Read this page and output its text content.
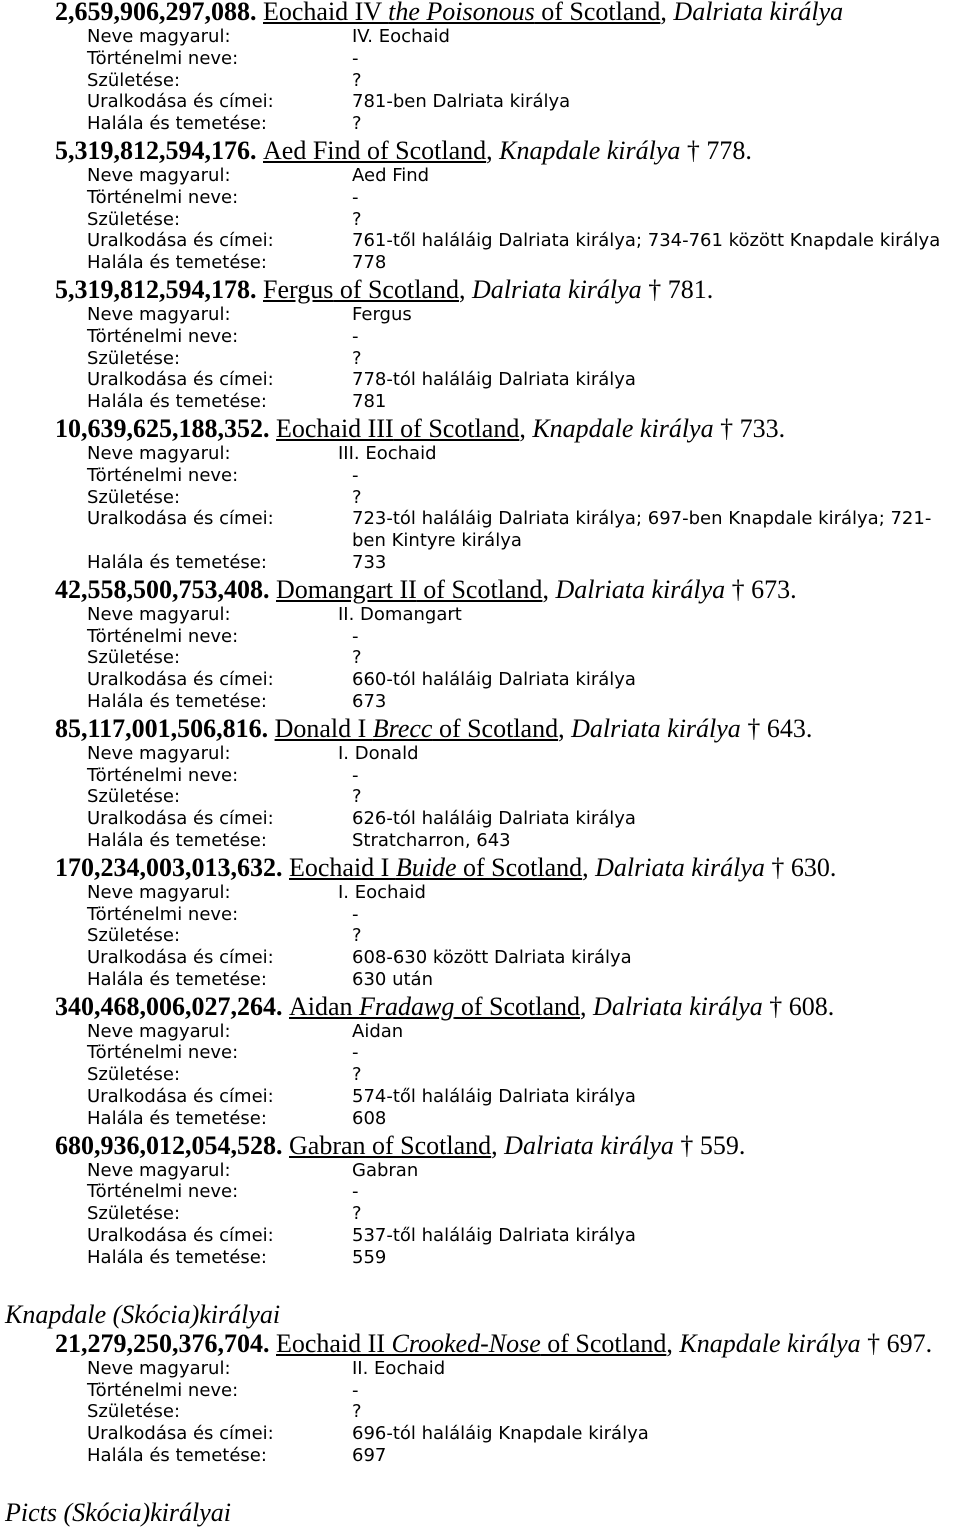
2,659,906,297,088. Eochaid IV the Poisonous of Scotland, Dalriata királya
Neve magyarul:	IV. Eochaid
Történelmi neve:	-
Születése:	?
Uralkodása és címei:	781-ben Dalriata királya
Halála és temetése:	?
5,319,812,594,176. Aed Find of Scotland, Knapdale királya † 778.
Neve magyarul:	Aed Find
Történelmi neve:	-
Születése:	?
Uralkodása és címei:	761-től haláláig Dalriata királya; 734-761 között Knapdale királya
Halála és temetése:	778
5,319,812,594,178. Fergus of Scotland, Dalriata királya † 781.
Neve magyarul:	Fergus
Történelmi neve:	-
Születése:	?
Uralkodása és címei:	778-tól haláláig Dalriata királya
Halála és temetése:	781
10,639,625,188,352. Eochaid III of Scotland, Knapdale királya † 733.
Neve magyarul:	III. Eochaid
Történelmi neve:	-
Születése:	?
Uralkodása és címei:	723-tól haláláig Dalriata királya; 697-ben Knapdale királya; 721-ben Kintyre királya
Halála és temetése:	733
42,558,500,753,408. Domangart II of Scotland, Dalriata királya † 673.
Neve magyarul:	II. Domangart
Történelmi neve:	-
Születése:	?
Uralkodása és címei:	660-tól haláláig Dalriata királya
Halála és temetése:	673
85,117,001,506,816. Donald I Brecc of Scotland, Dalriata királya † 643.
Neve magyarul:	I. Donald
Történelmi neve:	-
Születése:	?
Uralkodása és címei:	626-tól haláláig Dalriata királya
Halála és temetése:	Stratcharron, 643
170,234,003,013,632. Eochaid I Buide of Scotland, Dalriata királya † 630.
Neve magyarul:	I. Eochaid
Történelmi neve:	-
Születése:	?
Uralkodása és címei:	608-630 között Dalriata királya
Halála és temetése:	630 után
340,468,006,027,264. Aidan Fradawg of Scotland, Dalriata királya † 608.
Neve magyarul:	Aidan
Történelmi neve:	-
Születése:	?
Uralkodása és címei:	574-től haláláig Dalriata királya
Halála és temetése:	608
680,936,012,054,528. Gabran of Scotland, Dalriata királya † 559.
Neve magyarul:	Gabran
Történelmi neve:	-
Születése:	?
Uralkodása és címei:	537-től haláláig Dalriata királya
Halála és temetése:	559
Knapdale (Skócia)királyai
21,279,250,376,704. Eochaid II Crooked-Nose of Scotland, Knapdale királya † 697.
Neve magyarul:	II. Eochaid
Történelmi neve:	-
Születése:	?
Uralkodása és címei:	696-tól haláláig Knapdale királya
Halála és temetése:	697
Picts (Skócia)királyai
